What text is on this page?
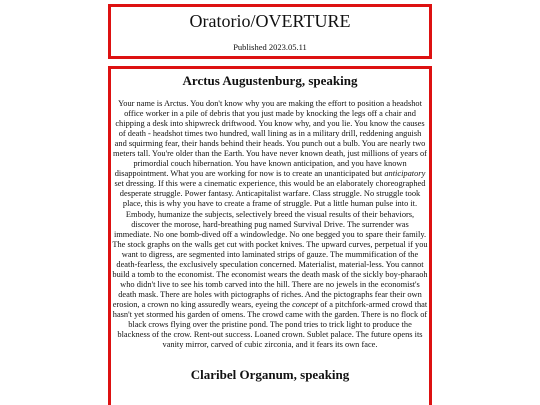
Oratorio/OVERTURE
Published 2023.05.11
Arctus Augustenburg, speaking

Your name is Arctus. You don't know why you are making the effort to position a headshot office worker in a pile of debris that you just made by knocking the legs off a chair and chipping a desk into shipwreck driftwood. You know why, and you lie. You know the causes of death - headshot times two hundred, wall lining as in a military drill, reddening anguish and squirming fear, their hands behind their heads. You punch out a bulb. You are nearly two meters tall. You're older than the Earth. You have never known death, just millions of years of primordial couch hibernation. You have known anticipation, and you have known disappointment. What you are working for now is to create an unanticipated but anticipatory set dressing. If this were a cinematic experience, this would be an elaborately choreographed desperate struggle. Power fantasy. Anticapitalist warfare. Class struggle. No struggle took place, this is why you have to create a frame of struggle. Put a little human pulse into it. Embody, humanize the subjects, selectively breed the visual results of their behaviors, discover the morose, hard-breathing pug named Survival Drive. The surrender was immediate. No one bomb-dived off a windowledge. No one begged you to spare their family. The stock graphs on the walls get cut with pocket knives. The upward curves, perpetual if you want to digress, are segmented into laminated strips of gauze. The mummification of the death-fearless, the exclusively speculation concerned. Materialist, material-less. You cannot build a tomb to the economist. The economist wears the death mask of the sickly boy-pharaoh who didn't live to see his tomb carved into the hill. There are no jewels in the economist's death mask. There are holes with pictographs of riches. And the pictographs fear their own erosion, a crown no king assuredly wears, eyeing the concept of a pitchfork-armed crowd that hasn't yet stormed his garden of omens. The crowd came with the garden. There is no flock of black crows flying over the pristine pond. The pond tries to trick light to produce the blackness of the crow. Rent-out success. Loaned crown. Sublet palace. The future opens its vanity mirror, carved of cubic zirconia, and it fears its own face.

Claribel Organum, speaking
